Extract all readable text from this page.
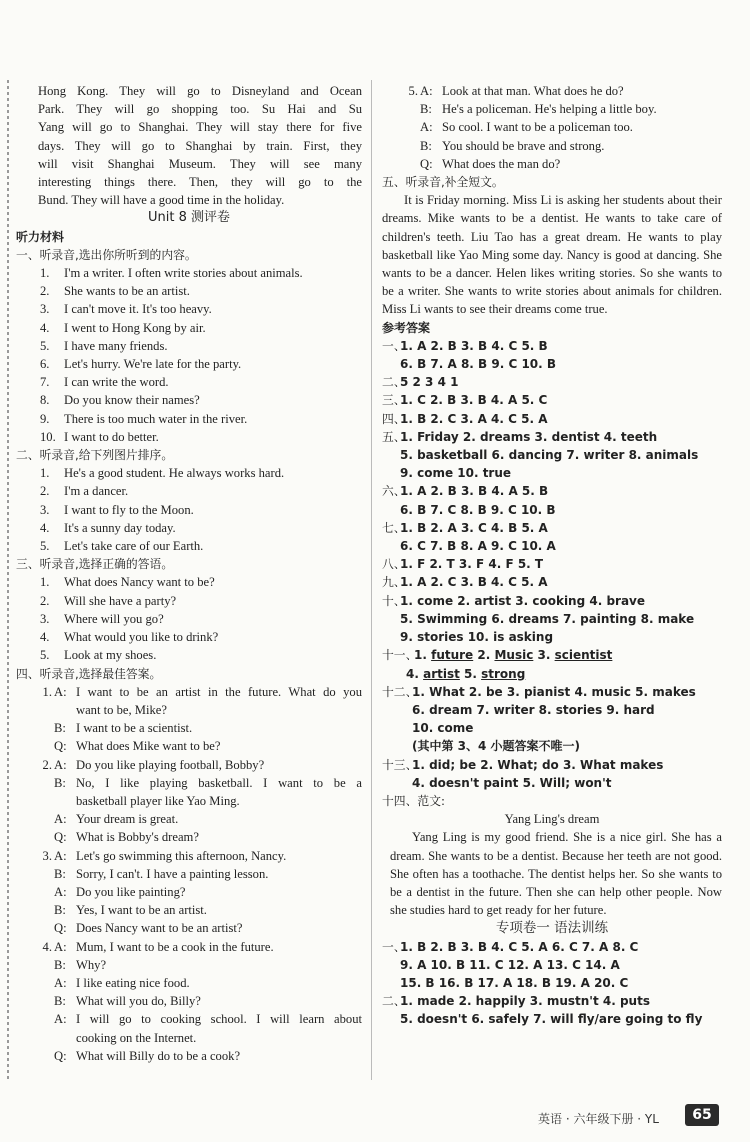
Hong Kong. They will go to Disneyland and Ocean
Park. They will go shopping too. Su Hai and Su
Yang will go to Shanghai. They will stay there for five
days. They will go to Shanghai by train. First, they
will visit Shanghai Museum. They will see many
interesting things there. Then, they will go to the
Bund. They will have a good time in the holiday.
Unit 8 测评卷
听力材料
一、听录音,选出你所听到的内容。
1. I'm a writer. I often write stories about animals.
2. She wants to be an artist.
3. I can't move it. It's too heavy.
4. I went to Hong Kong by air.
5. I have many friends.
6. Let's hurry. We're late for the party.
7. I can write the word.
8. Do you know their names?
9. There is too much water in the river.
10. I want to do better.
二、听录音,给下列图片排序。
1. He's a good student. He always works hard.
2. I'm a dancer.
3. I want to fly to the Moon.
4. It's a sunny day today.
5. Let's take care of our Earth.
三、听录音,选择正确的答语。
1. What does Nancy want to be?
2. Will she have a party?
3. Where will you go?
4. What would you like to drink?
5. Look at my shoes.
四、听录音,选择最佳答案。
1. A: I want to be an artist in the future. What do you
want to be, Mike?
B: I want to be a scientist.
Q: What does Mike want to be?
2. A: Do you like playing football, Bobby?
B: No, I like playing basketball. I want to be a
basketball player like Yao Ming.
A: Your dream is great.
Q: What is Bobby's dream?
3. A: Let's go swimming this afternoon, Nancy.
B: Sorry, I can't. I have a painting lesson.
A: Do you like painting?
B: Yes, I want to be an artist.
Q: Does Nancy want to be an artist?
4. A: Mum, I want to be a cook in the future.
B: Why?
A: I like eating nice food.
B: What will you do, Billy?
A: I will go to cooking school. I will learn about
cooking on the Internet.
Q: What will Billy do to be a cook?
5. A: Look at that man. What does he do?
B: He's a policeman. He's helping a little boy.
A: So cool. I want to be a policeman too.
B: You should be brave and strong.
Q: What does the man do?
五、听录音,补全短文。
It is Friday morning. Miss Li is asking her students about their dreams. Mike wants to be a dentist. He wants to take care of children's teeth. Liu Tao has a great dream. He wants to play basketball like Yao Ming some day. Nancy is good at dancing. She wants to be a dancer. Helen likes writing stories. So she wants to be a writer. She wants to write stories about animals for children. Miss Li wants to see their dreams come true.
参考答案
一、1. A 2. B 3. B 4. C 5. B
6. B 7. A 8. B 9. C 10. B
二、5 2 3 4 1
三、1. C 2. B 3. B 4. A 5. C
四、1. B 2. C 3. A 4. C 5. A
五、1. Friday 2. dreams 3. dentist 4. teeth
5. basketball 6. dancing 7. writer 8. animals
9. come 10. true
六、1. A 2. B 3. B 4. A 5. B
6. B 7. C 8. B 9. C 10. B
七、1. B 2. A 3. C 4. B 5. A
6. C 7. B 8. A 9. C 10. A
八、1. F 2. T 3. F 4. F 5. T
九、1. A 2. C 3. B 4. C 5. A
十、1. come 2. artist 3. cooking 4. brave
5. Swimming 6. dreams 7. painting 8. make
9. stories 10. is asking
十一、1. future 2. Music 3. scientist
4. artist 5. strong
十二、1. What 2. be 3. pianist 4. music 5. makes
6. dream 7. writer 8. stories 9. hard
10. come
(其中第 3、4 小题答案不唯一)
十三、1. did; be 2. What; do 3. What makes
4. doesn't paint 5. Will; won't
十四、范文:
Yang Ling's dream
Yang Ling is my good friend. She is a nice girl. She has a dream. She wants to be a dentist. Because her teeth are not good. She often has a toothache. The dentist helps her. So she wants to be a dentist in the future. Then she can help other people. Now she studies hard to get ready for her future.
专项卷一 语法训练
一、1. B 2. B 3. B 4. C 5. A 6. C 7. A 8. C
9. A 10. B 11. C 12. A 13. C 14. A
15. B 16. B 17. A 18. B 19. A 20. C
二、1. made 2. happily 3. mustn't 4. puts
5. doesn't 6. safely 7. will fly/are going to fly
英语 · 六年级下册 · YL	65
